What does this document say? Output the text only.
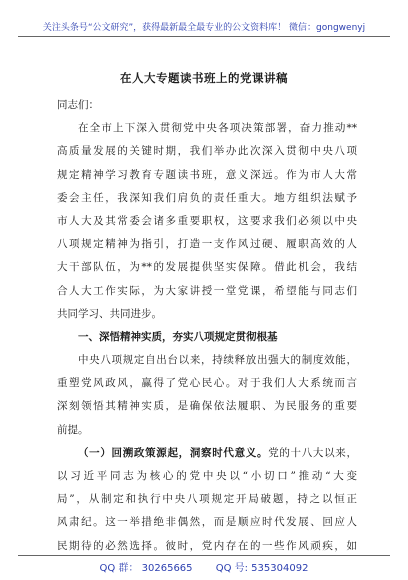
关注头条号“公文研究”，获得最新最全最专业的公文资料库！ 微信：gongwenyj
在人大专题读书班上的党课讲稿
同志们：
在全市上下深入贯彻党中央各项决策部署，奋力推动**
高质量发展的关键时期，我们举办此次深入贯彻中央八项
规定精神学习教育专题读书班，意义深远。作为市人大常
委会主任，我深知我们肩负的责任重大。地方组织法赋予
市人大及其常委会诸多重要职权，这要求我们必须以中央
八项规定精神为指引，打造一支作风过硬、履职高效的人
大干部队伍，为**的发展提供坚实保障。借此机会，我结
合人大工作实际，为大家讲授一堂党课，希望能与同志们
共同学习、共同进步。
一、深悟精神实质，夯实八项规定贯彻根基
中央八项规定自出台以来，持续释放出强大的制度效能，
重塑党风政风，赢得了党心民心。对于我们人大系统而言
深刻领悟其精神实质，是确保依法履职、为民服务的重要
前提。
（一）回溯政策源起，洞察时代意义。党的十八大以来，
以习近平同志为核心的党中央以“小切口”推动“大变
局”，从制定和执行中央八项规定开局破题，持之以恒正
风肃纪。这一举措绝非偶然，而是顺应时代发展、回应人
民期待的必然选择。彼时，党内存在的一些作风顽疾，如
QQ 群： 30265665 QQ 号: 535304092
